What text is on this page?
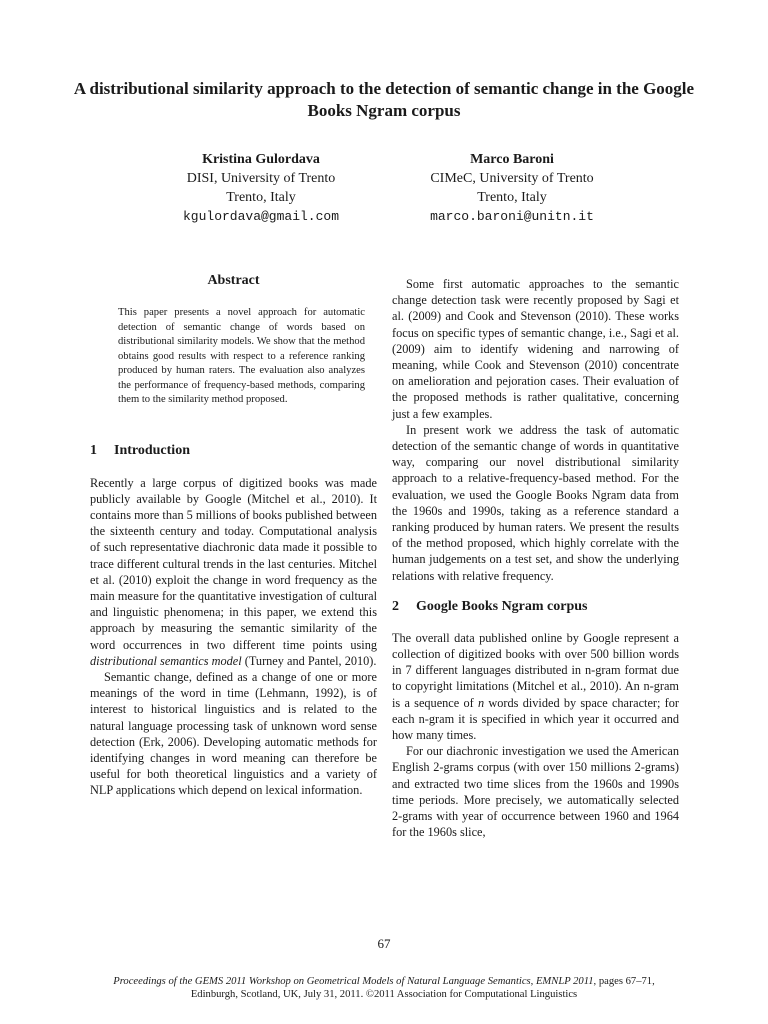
A distributional similarity approach to the detection of semantic change in the Google Books Ngram corpus
Kristina Gulordava
DISI, University of Trento
Trento, Italy
kgulordava@gmail.com
Marco Baroni
CIMeC, University of Trento
Trento, Italy
marco.baroni@unitn.it
Abstract

This paper presents a novel approach for automatic detection of semantic change of words based on distributional similarity models. We show that the method obtains good results with respect to a reference ranking produced by human raters. The evaluation also analyzes the performance of frequency-based methods, comparing them to the similarity method proposed.

1 Introduction

Recently a large corpus of digitized books was made publicly available by Google (Mitchel et al., 2010). It contains more than 5 millions of books published between the sixteenth century and today. Computational analysis of such representative diachronic data made it possible to trace different cultural trends in the last centuries. Mitchel et al. (2010) exploit the change in word frequency as the main measure for the quantitative investigation of cultural and linguistic phenomena; in this paper, we extend this approach by measuring the semantic similarity of the word occurrences in two different time points using distributional semantics model (Turney and Pantel, 2010).

Semantic change, defined as a change of one or more meanings of the word in time (Lehmann, 1992), is of interest to historical linguistics and is related to the natural language processing task of unknown word sense detection (Erk, 2006). Developing automatic methods for identifying changes in word meaning can therefore be useful for both theoretical linguistics and a variety of NLP applications which depend on lexical information.

Some first automatic approaches to the semantic change detection task were recently proposed by Sagi et al. (2009) and Cook and Stevenson (2010). These works focus on specific types of semantic change, i.e., Sagi et al. (2009) aim to identify widening and narrowing of meaning, while Cook and Stevenson (2010) concentrate on amelioration and pejoration cases. Their evaluation of the proposed methods is rather qualitative, concerning just a few examples.

In present work we address the task of automatic detection of the semantic change of words in quantitative way, comparing our novel distributional similarity approach to a relative-frequency-based method. For the evaluation, we used the Google Books Ngram data from the 1960s and 1990s, taking as a reference standard a ranking produced by human raters. We present the results of the method proposed, which highly correlate with the human judgements on a test set, and show the underlying relations with relative frequency.

2 Google Books Ngram corpus

The overall data published online by Google represent a collection of digitized books with over 500 billion words in 7 different languages distributed in n-gram format due to copyright limitations (Mitchel et al., 2010). An n-gram is a sequence of n words divided by space character; for each n-gram it is specified in which year it occurred and how many times.

For our diachronic investigation we used the American English 2-grams corpus (with over 150 millions 2-grams) and extracted two time slices from the 1960s and 1990s time periods. More precisely, we automatically selected 2-grams with year of occurrence between 1960 and 1964 for the 1960s slice,

67
Proceedings of the GEMS 2011 Workshop on Geometrical Models of Natural Language Semantics, EMNLP 2011, pages 67–71,
Edinburgh, Scotland, UK, July 31, 2011. ©2011 Association for Computational Linguistics
